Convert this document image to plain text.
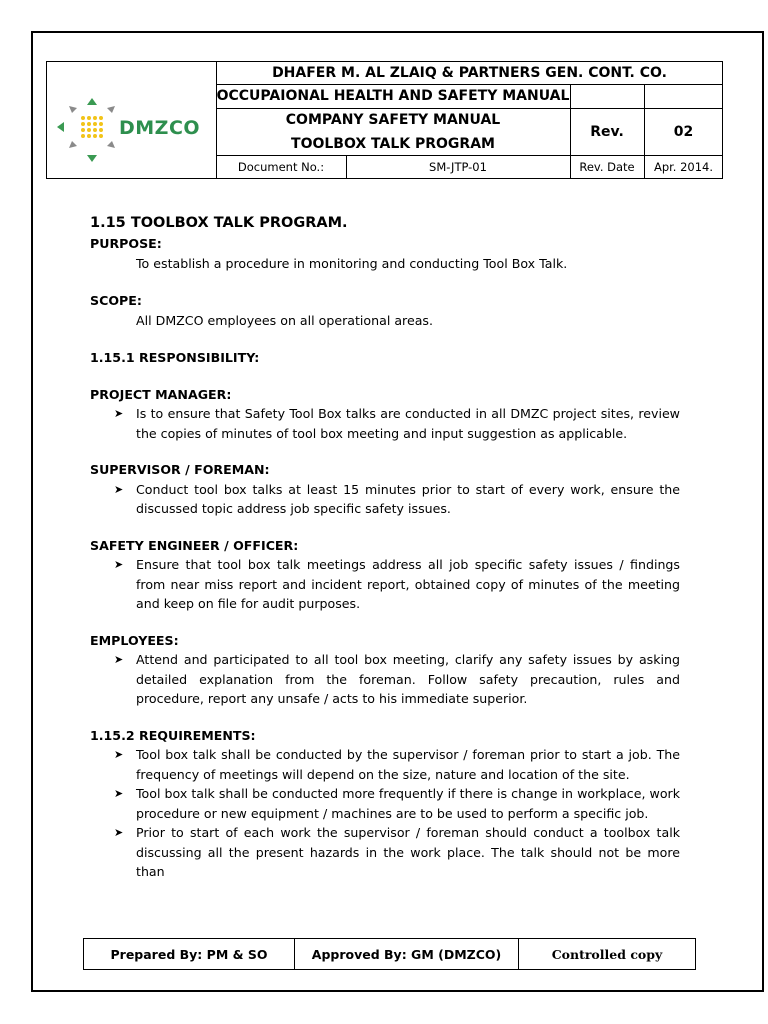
DMZCO
DHAFER M. AL ZLAIQ & PARTNERS GEN. CONT. CO.
OCCUPAIONAL HEALTH AND SAFETY MANUAL
COMPANY SAFETY MANUAL
TOOLBOX TALK PROGRAM
Rev.	02
Document No.:	SM-JTP-01	Rev. Date	Apr. 2014.

1.15 TOOLBOX TALK PROGRAM.

PURPOSE:

To establish a procedure in monitoring and conducting Tool Box Talk.

SCOPE:

All DMZCO employees on all operational areas.

1.15.1 RESPONSIBILITY:

PROJECT MANAGER:

➤ Is to ensure that Safety Tool Box talks are conducted in all DMZC project sites, review the copies of minutes of tool box meeting and input suggestion as applicable.

SUPERVISOR / FOREMAN:

➤ Conduct tool box talks at least 15 minutes prior to start of every work, ensure the discussed topic address job specific safety issues.

SAFETY ENGINEER / OFFICER:

➤ Ensure that tool box talk meetings address all job specific safety issues / findings from near miss report and incident report, obtained copy of minutes of the meeting and keep on file for audit purposes.

EMPLOYEES:

➤ Attend and participated to all tool box meeting, clarify any safety issues by asking detailed explanation from the foreman. Follow safety precaution, rules and procedure, report any unsafe / acts to his immediate superior.

1.15.2 REQUIREMENTS:

➤ Tool box talk shall be conducted by the supervisor / foreman prior to start a job. The frequency of meetings will depend on the size, nature and location of the site.
➤ Tool box talk shall be conducted more frequently if there is change in workplace, work procedure or new equipment / machines are to be used to perform a specific job.
➤ Prior to start of each work the supervisor / foreman should conduct a toolbox talk discussing all the present hazards in the work place. The talk should not be more than
Prepared By: PM & SO	Approved By: GM (DMZCO)	Controlled copy
